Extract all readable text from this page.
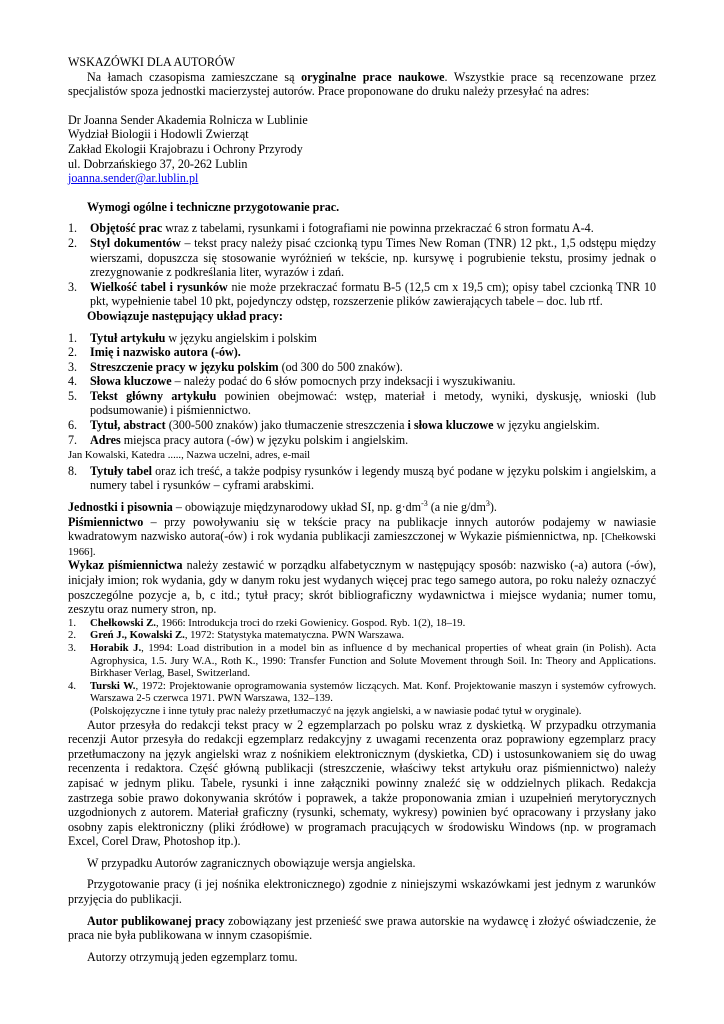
WSKAZÓWKI DLA AUTORÓW

Na łamach czasopisma zamieszczane są oryginalne prace naukowe. Wszystkie prace są recenzowane przez specjalistów spoza jednostki macierzystej autorów. Prace proponowane do druku należy przesyłać na adres:

Dr Joanna Sender Akademia Rolnicza w Lublinie
Wydział Biologii i Hodowli Zwierząt
Zakład Ekologii Krajobrazu i Ochrony Przyrody
ul. Dobrzańskiego 37, 20-262 Lublin
joanna.sender@ar.lublin.pl

Wymogi ogólne i techniczne przygotowanie prac.

1. Objętość prac wraz z tabelami, rysunkami i fotografiami nie powinna przekraczać 6 stron formatu A-4.
2. Styl dokumentów – tekst pracy należy pisać czcionką typu Times New Roman (TNR) 12 pkt., 1,5 odstępu między wierszami, dopuszcza się stosowanie wyróżnień w tekście, np. kursywę i pogrubienie tekstu, prosimy jednak o zrezygnowanie z podkreślania liter, wyrazów i zdań.
3. Wielkość tabel i rysunków nie może przekraczać formatu B-5 (12,5 cm x 19,5 cm); opisy tabel czcionką TNR 10 pkt, wypełnienie tabel 10 pkt, pojedynczy odstęp, rozszerzenie plików zawierających tabele – doc. lub rtf.

Obowiązuje następujący układ pracy:

1. Tytuł artykułu w języku angielskim i polskim
2. Imię i nazwisko autora (-ów).
3. Streszczenie pracy w języku polskim (od 300 do 500 znaków).
4. Słowa kluczowe – należy podać do 6 słów pomocnych przy indeksacji i wyszukiwaniu.
5. Tekst główny artykułu powinien obejmować: wstęp, materiał i metody, wyniki, dyskusję, wnioski (lub podsumowanie) i piśmiennictwo.
6. Tytuł, abstract (300-500 znaków) jako tłumaczenie streszczenia i słowa kluczowe w języku angielskim.
7. Adres miejsca pracy autora (-ów) w języku polskim i angielskim.
Jan Kowalski, Katedra ....., Nazwa uczelni, adres, e-mail
8. Tytuły tabel oraz ich treść, a także podpisy rysunków i legendy muszą być podane w języku polskim i angielskim, a numery tabel i rysunków – cyframi arabskimi.

Jednostki i pisownia – obowiązuje międzynarodowy układ SI, np. $g\cdot dm^{-3}$ (a nie $g/dm^3$).

Piśmiennictwo – przy powoływaniu się w tekście pracy na publikacje innych autorów podajemy w nawiasie kwadratowym nazwisko autora(-ów) i rok wydania publikacji zamieszczonej w Wykazie piśmiennictwa, np. [Chełkowski 1966].

Wykaz piśmiennictwa należy zestawić w porządku alfabetycznym w następujący sposób: nazwisko (-a) autora (-ów), inicjały imion; rok wydania, gdy w danym roku jest wydanych więcej prac tego samego autora, po roku należy oznaczyć poszczególne pozycje a, b, c itd.; tytuł pracy; skrót bibliograficzny wydawnictwa i miejsce wydania; numer tomu, zeszytu oraz numery stron, np.

1. Chełkowski Z., 1966: Introdukcja troci do rzeki Gowienicy. Gospod. Ryb. 1(2), 18–19.
2. Greń J., Kowalski Z., 1972: Statystyka matematyczna. PWN Warszawa.
3. Horabik J., 1994: Load distribution in a model bin as influence d by mechanical properties of wheat grain (in Polish). Acta Agrophysica, 1.5. Jury W.A., Roth K., 1990: Transfer Function and Solute Movement through Soil. In: Theory and Applications. Birkhaser Verlag, Basel, Switzerland.
4. Turski W., 1972: Projektowanie oprogramowania systemów liczących. Mat. Konf. Projektowanie maszyn i systemów cyfrowych. Warszawa 2-5 czerwca 1971. PWN Warszawa, 132–139.

(Polskojęzyczne i inne tytuły prac należy przetłumaczyć na język angielski, a w nawiasie podać tytuł w oryginale).

Autor przesyła do redakcji tekst pracy w 2 egzemplarzach po polsku wraz z dyskietką. W przypadku otrzymania recenzji Autor przesyła do redakcji egzemplarz redakcyjny z uwagami recenzenta oraz poprawiony egzemplarz pracy przetłumaczony na język angielski wraz z nośnikiem elektronicznym (dyskietka, CD) i ustosunkowaniem się do uwag recenzenta i redaktora. Część główną publikacji (streszczenie, właściwy tekst artykułu oraz piśmiennictwo) należy zapisać w jednym pliku. Tabele, rysunki i inne załączniki powinny znaleźć się w oddzielnych plikach. Redakcja zastrzega sobie prawo dokonywania skrótów i poprawek, a także proponowania zmian i uzupełnień merytorycznych uzgodnionych z autorem. Materiał graficzny (rysunki, schematy, wykresy) powinien być opracowany i przysłany jako osobny zapis elektroniczny (pliki źródłowe) w programach pracujących w środowisku Windows (np. w programach Excel, Corel Draw, Photoshop itp.).

W przypadku Autorów zagranicznych obowiązuje wersja angielska.

Przygotowanie pracy (i jej nośnika elektronicznego) zgodnie z niniejszymi wskazówkami jest jednym z warunków przyjęcia do publikacji.

Autor publikowanej pracy zobowiązany jest przenieść swe prawa autorskie na wydawcę i złożyć oświadczenie, że praca nie była publikowana w innym czasopiśmie.

Autorzy otrzymują jeden egzemplarz tomu.
